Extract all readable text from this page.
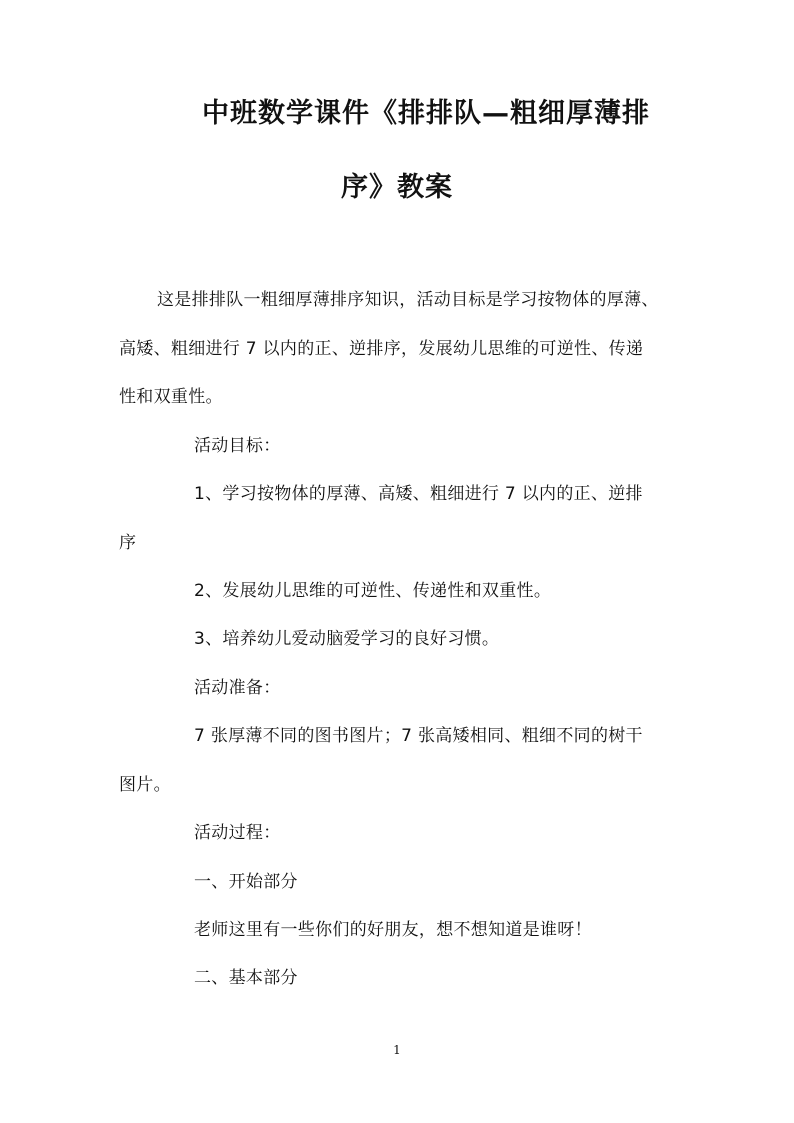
中班数学课件《排排队—粗细厚薄排
序》教案
这是排排队一粗细厚薄排序知识，活动目标是学习按物体的厚薄、
高矮、粗细进行 7 以内的正、逆排序，发展幼儿思维的可逆性、传递
性和双重性。
活动目标：
1、学习按物体的厚薄、高矮、粗细进行 7 以内的正、逆排
序
2、发展幼儿思维的可逆性、传递性和双重性。
3、培养幼儿爱动脑爱学习的良好习惯。
活动准备：
7 张厚薄不同的图书图片；7 张高矮相同、粗细不同的树干
图片。
活动过程：
一、开始部分
老师这里有一些你们的好朋友，想不想知道是谁呀！
二、基本部分
1
